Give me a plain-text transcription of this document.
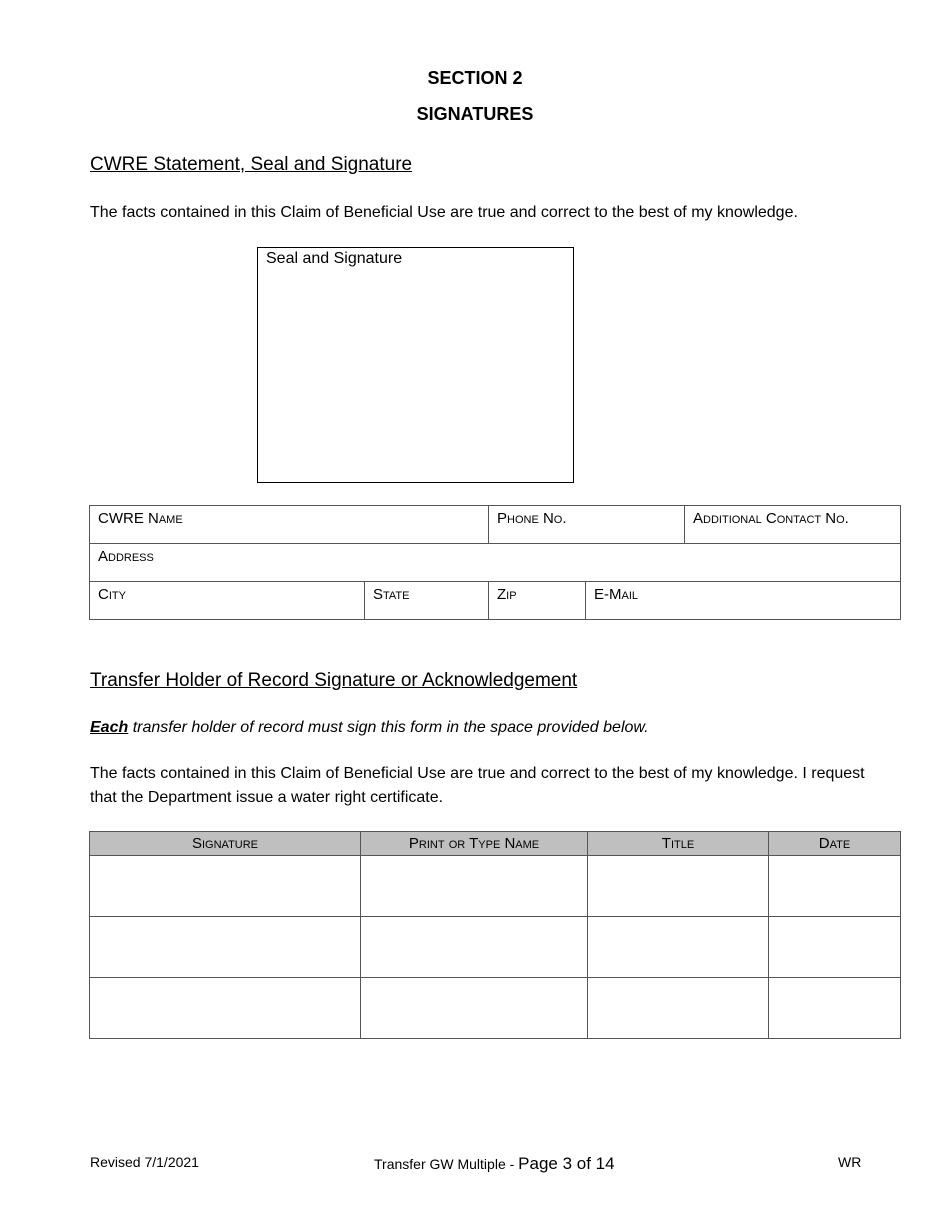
SECTION 2
SIGNATURES
CWRE Statement, Seal and Signature
The facts contained in this Claim of Beneficial Use are true and correct to the best of my knowledge.
Seal and Signature
CWRE Name		Phone No.		Additional Contact No.
Address				
City	State	Zip	E-Mail	
Transfer Holder of Record Signature or Acknowledgement
Each transfer holder of record must sign this form in the space provided below.
The facts contained in this Claim of Beneficial Use are true and correct to the best of my knowledge. I request that the Department issue a water right certificate.
Signature	Print or Type Name	Title	Date

Revised 7/1/2021	Transfer GW Multiple - Page 3 of 14	WR
